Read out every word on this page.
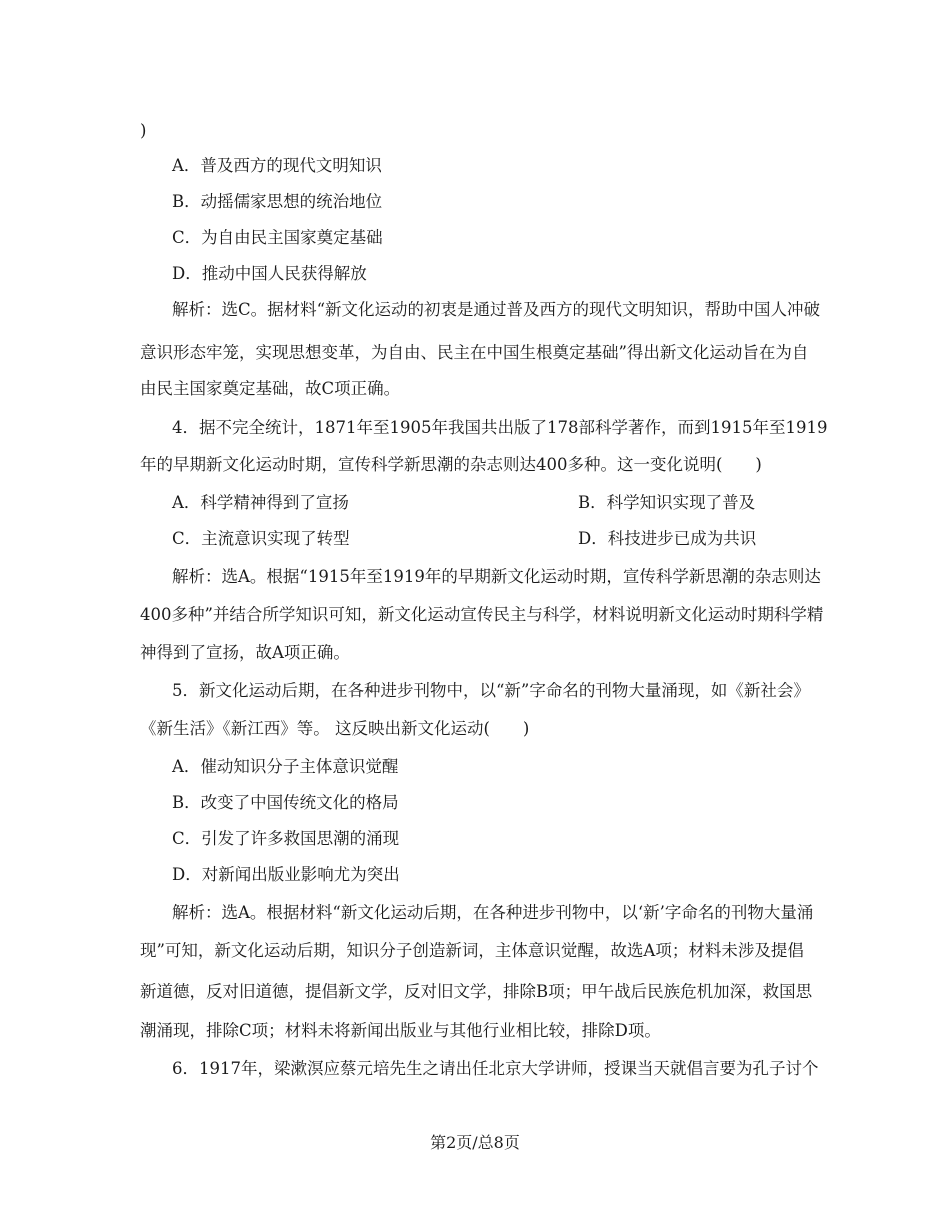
)
A．普及西方的现代文明知识
B．动摇儒家思想的统治地位
C．为自由民主国家奠定基础
D．推动中国人民获得解放
解析：选C。据材料“新文化运动的初衷是通过普及西方的现代文明知识，帮助中国人冲破
意识形态牢笼，实现思想变革，为自由、民主在中国生根奠定基础”得出新文化运动旨在为自
由民主国家奠定基础，故C项正确。
4．据不完全统计，1871年至1905年我国共出版了178部科学著作，而到1915年至1919
年的早期新文化运动时期，宣传科学新思潮的杂志则达400多种。这一变化说明(　　)
A．科学精神得到了宣扬	B．科学知识实现了普及
C．主流意识实现了转型	D．科技进步已成为共识
解析：选A。根据“1915年至1919年的早期新文化运动时期，宣传科学新思潮的杂志则达
400多种”并结合所学知识可知，新文化运动宣传民主与科学，材料说明新文化运动时期科学精
神得到了宣扬，故A项正确。
5．新文化运动后期，在各种进步刊物中，以“新”字命名的刊物大量涌现，如《新社会》
《新生活》《新江西》等。 这反映出新文化运动(　　)
A．催动知识分子主体意识觉醒
B．改变了中国传统文化的格局
C．引发了许多救国思潮的涌现
D．对新闻出版业影响尤为突出
解析：选A。根据材料“新文化运动后期，在各种进步刊物中，以‘新’字命名的刊物大量涌
现”可知，新文化运动后期，知识分子创造新词，主体意识觉醒，故选A项；材料未涉及提倡
新道德，反对旧道德，提倡新文学，反对旧文学，排除B项；甲午战后民族危机加深，救国思
潮涌现，排除C项；材料未将新闻出版业与其他行业相比较，排除D项。
6．1917年，梁漱溟应蔡元培先生之请出任北京大学讲师，授课当天就倡言要为孔子讨个
第2页/总8页
